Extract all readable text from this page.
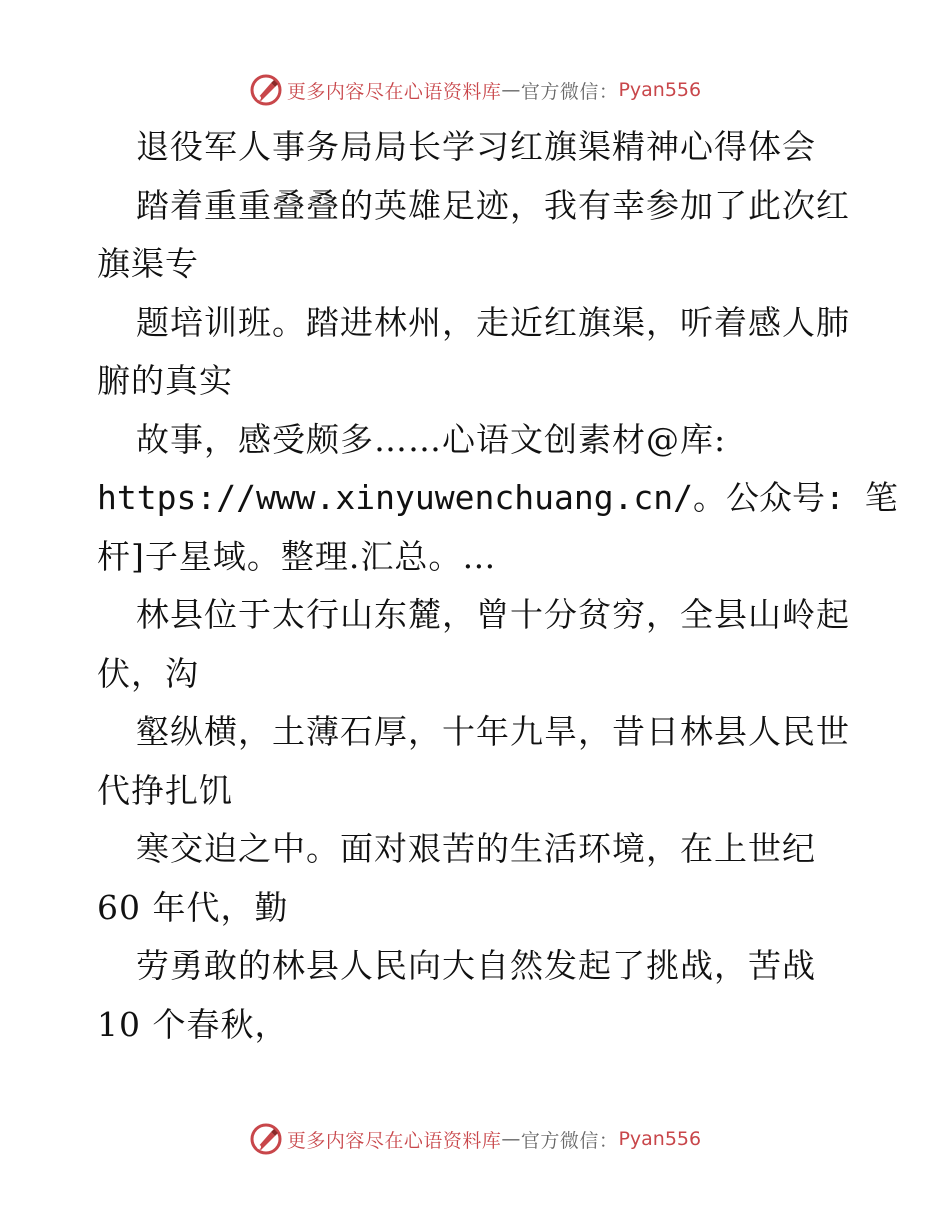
更多内容尽在心语资料库 — 官方微信： Pyan556
退役军人事务局局长学习红旗渠精神心得体会
踏着重重叠叠的英雄足迹，我有幸参加了此次红
旗渠专
题培训班。踏进林州，走近红旗渠，听着感人肺
腑的真实
故事，感受颇多……心语文创素材@库:
https://www.xinyuwenchuang.cn/。公众号: 笔
杆]子星域。整理.汇总。…
林县位于太行山东麓，曾十分贫穷，全县山岭起
伏，沟
壑纵横，土薄石厚，十年九旱，昔日林县人民世
代挣扎饥
寒交迫之中。面对艰苦的生活环境，在上世纪
60 年代，勤
劳勇敢的林县人民向大自然发起了挑战，苦战
10 个春秋，
更多内容尽在心语资料库 — 官方微信： Pyan556
